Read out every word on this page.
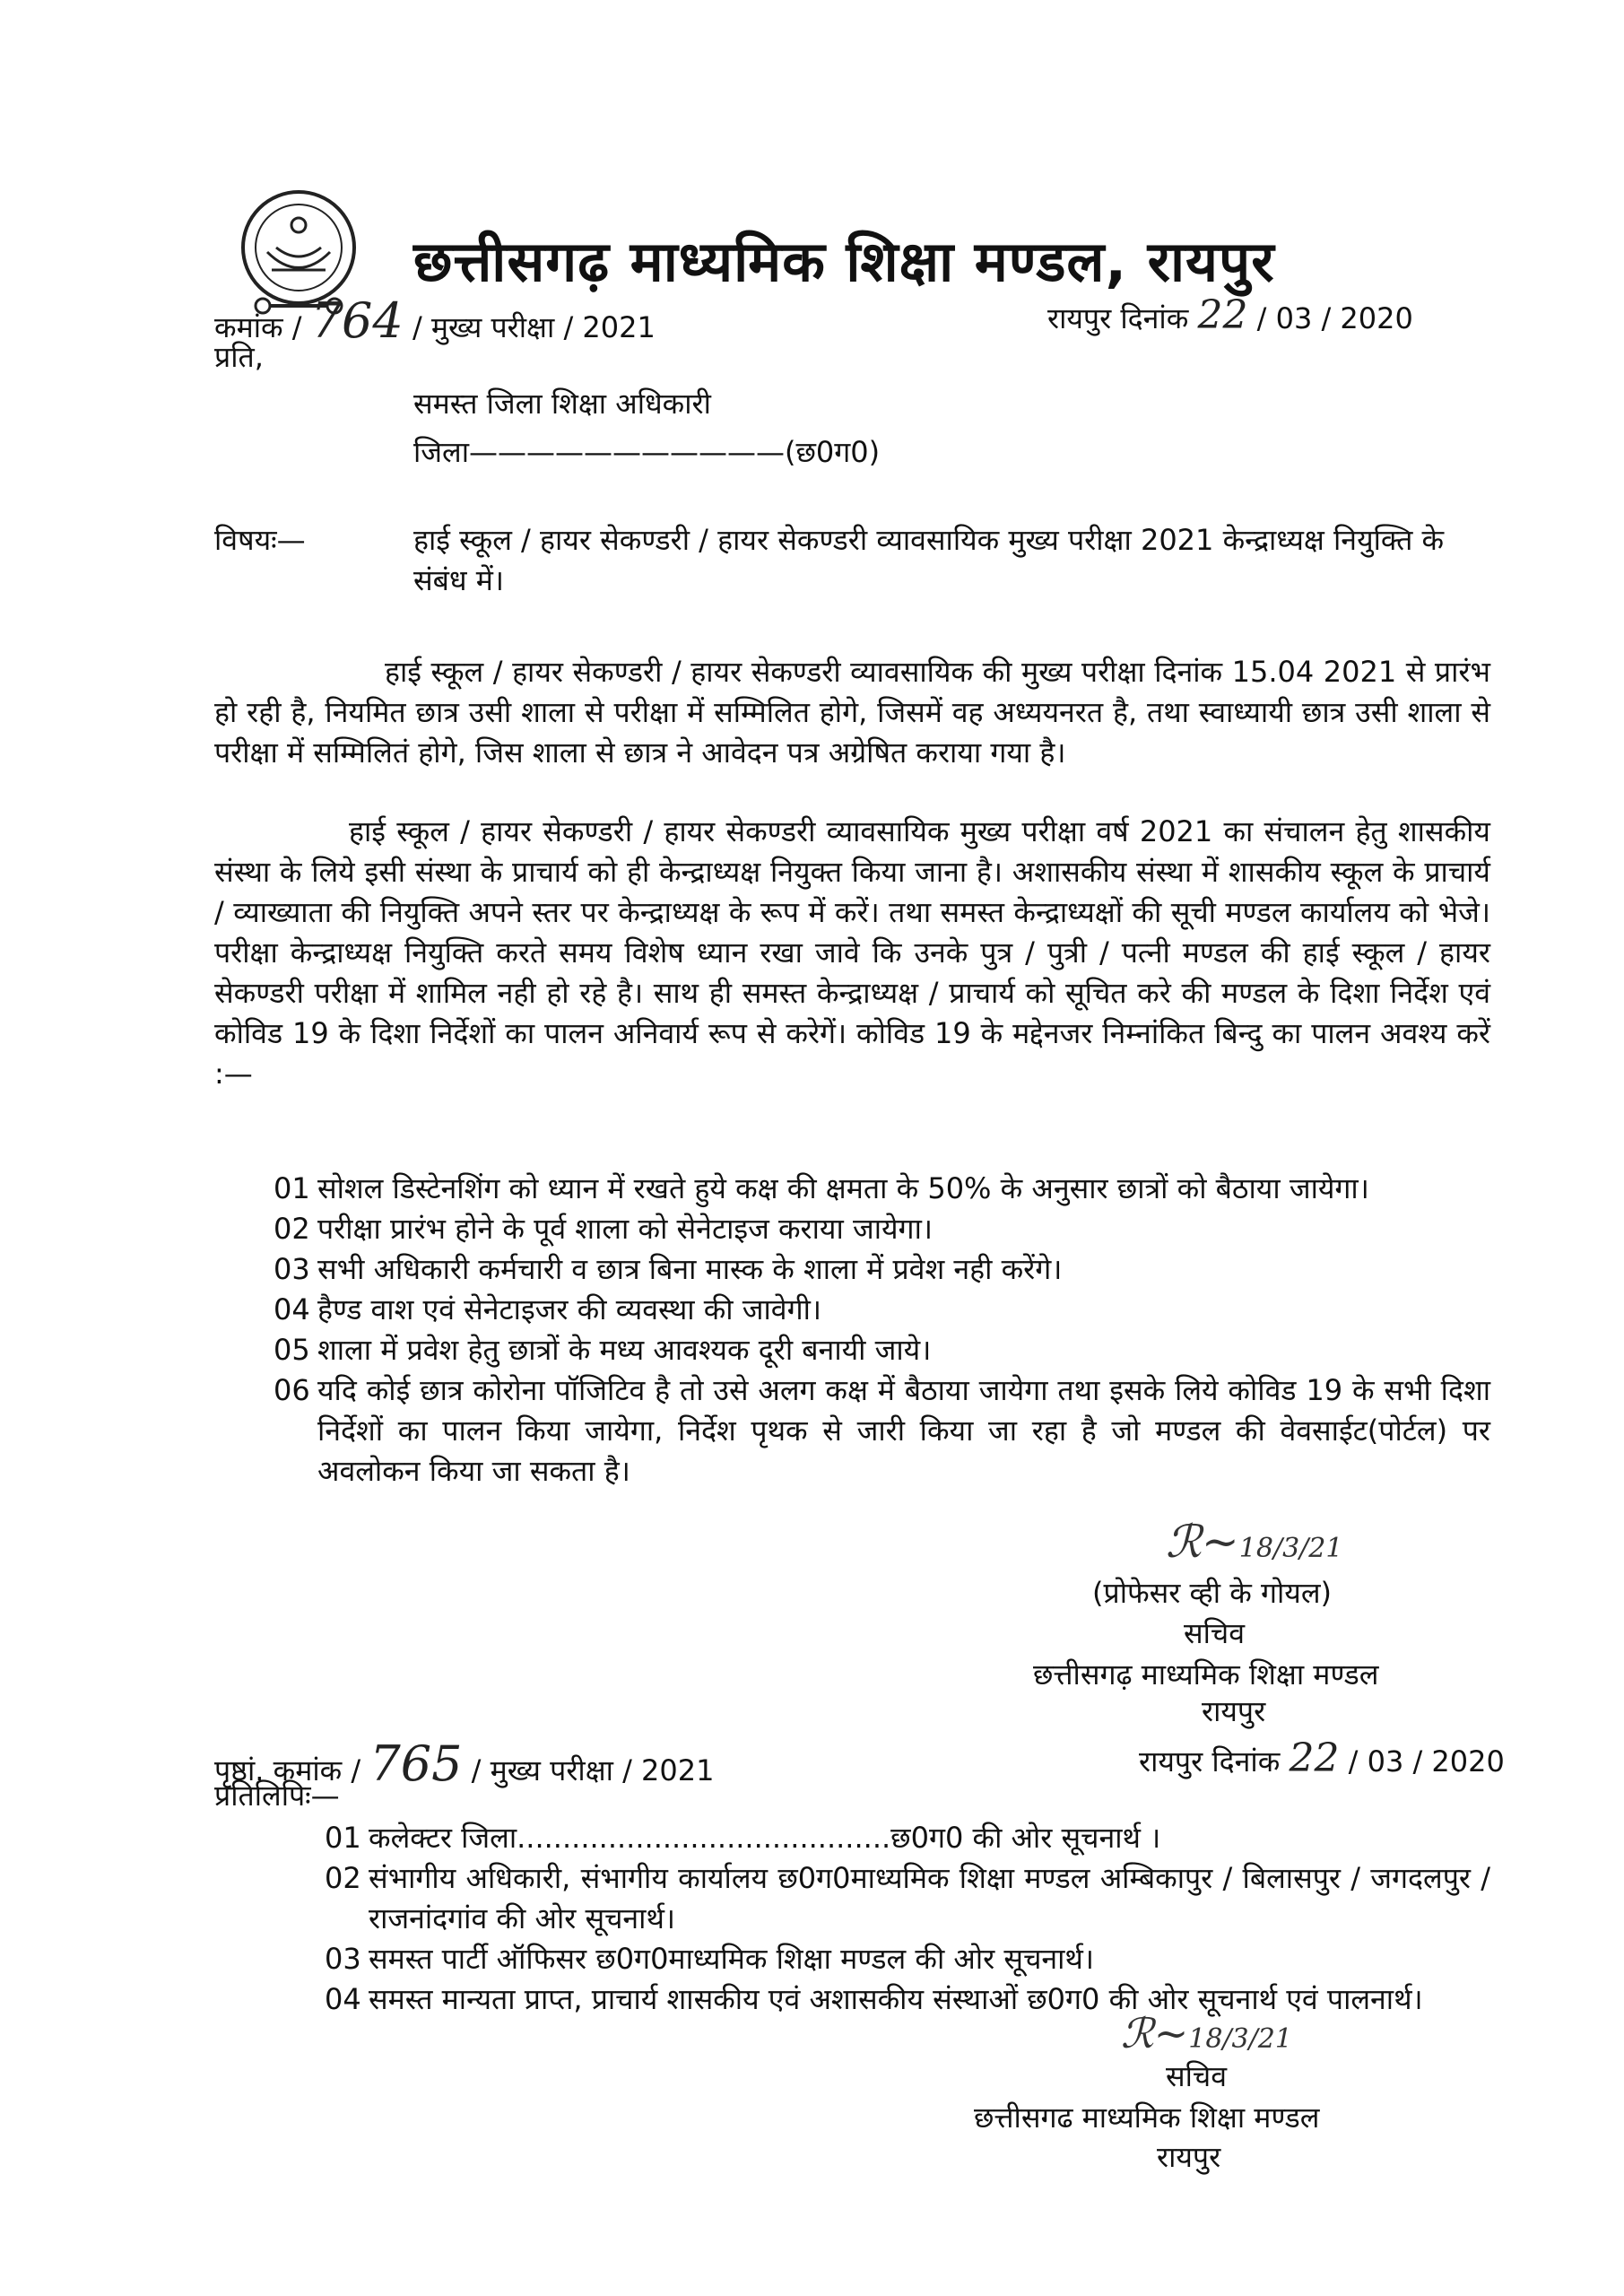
छत्तीसगढ़ माध्यमिक शिक्षा मण्डल, रायपुर
कमांक / 764 / मुख्य परीक्षा / 2021	रायपुर दिनांक 22 / 03 / 2020
प्रति,
समस्त जिला शिक्षा अधिकारी
जिला———————————(छ0ग0)
विषयः—	हाई स्कूल / हायर सेकण्डरी / हायर सेकण्डरी व्यावसायिक मुख्य परीक्षा 2021 केन्द्राध्यक्ष नियुक्ति के संबंध में।
हाई स्कूल / हायर सेकण्डरी / हायर सेकण्डरी व्यावसायिक की मुख्य परीक्षा दिनांक 15.04 2021 से प्रारंभ हो रही है, नियमित छात्र उसी शाला से परीक्षा में सम्मिलित होगे, जिसमें वह अध्ययनरत है, तथा स्वाध्यायी छात्र उसी शाला से परीक्षा में सम्मिलितं होगे, जिस शाला से छात्र ने आवेदन पत्र अग्रेषित कराया गया है।
हाई स्कूल / हायर सेकण्डरी / हायर सेकण्डरी व्यावसायिक मुख्य परीक्षा वर्ष 2021 का संचालन हेतु शासकीय संस्था के लिये इसी संस्था के प्राचार्य को ही केन्द्राध्यक्ष नियुक्त किया जाना है। अशासकीय संस्था में शासकीय स्कूल के प्राचार्य / व्याख्याता की नियुक्ति अपने स्तर पर केन्द्राध्यक्ष के रूप में करें। तथा समस्त केन्द्राध्यक्षों की सूची मण्डल कार्यालय को भेजे। परीक्षा केन्द्राध्यक्ष नियुक्ति करते समय विशेष ध्यान रखा जावे कि उनके पुत्र / पुत्री / पत्नी मण्डल की हाई स्कूल / हायर सेकण्डरी परीक्षा में शामिल नही हो रहे है। साथ ही समस्त केन्द्राध्यक्ष / प्राचार्य को सूचित करे की मण्डल के दिशा निर्देश एवं कोविड 19 के दिशा निर्देशों का पालन अनिवार्य रूप से करेगें। कोविड 19 के मद्देनजर निम्नांकित बिन्दु का पालन अवश्य करें :—
01 सोशल डिस्टेनशिंग को ध्यान में रखते हुये कक्ष की क्षमता के 50% के अनुसार छात्रों को बैठाया जायेगा।
02 परीक्षा प्रारंभ होने के पूर्व शाला को सेनेटाइज कराया जायेगा।
03 सभी अधिकारी कर्मचारी व छात्र बिना मास्क के शाला में प्रवेश नही करेंगे।
04 हैण्ड वाश एवं सेनेटाइजर की व्यवस्था की जावेगी।
05 शाला में प्रवेश हेतु छात्रों के मध्य आवश्यक दूरी बनायी जाये।
06 यदि कोई छात्र कोरोना पॉजिटिव है तो उसे अलग कक्ष में बैठाया जायेगा तथा इसके लिये कोविड 19 के सभी दिशा निर्देशों का पालन किया जायेगा, निर्देश पृथक से जारी किया जा रहा है जो मण्डल की वेवसाईट(पोर्टल) पर अवलोकन किया जा सकता है।
ℛ~18/3/21
(प्रोफेसर व्ही के गोयल)
सचिव
छत्तीसगढ़ माध्यमिक शिक्षा मण्डल
रायपुर
पृष्ठां. कमांक / 765 / मुख्य परीक्षा / 2021	रायपुर दिनांक 22 / 03 / 2020
प्रतिलिपिः—
01 कलेक्टर जिला.........................................छ0ग0 की ओर सूचनार्थ ।
02 संभागीय अधिकारी, संभागीय कार्यालय छ0ग0माध्यमिक शिक्षा मण्डल अम्बिकापुर / बिलासपुर / जगदलपुर / राजनांदगांव की ओर सूचनार्थ।
03 समस्त पार्टी ऑफिसर छ0ग0माध्यमिक शिक्षा मण्डल की ओर सूचनार्थ।
04 समस्त मान्यता प्राप्त, प्राचार्य शासकीय एवं अशासकीय संस्थाओं छ0ग0 की ओर सूचनार्थ एवं पालनार्थ।
ℛ~18/3/21
सचिव
छत्तीसगढ माध्यमिक शिक्षा मण्डल
रायपुर
